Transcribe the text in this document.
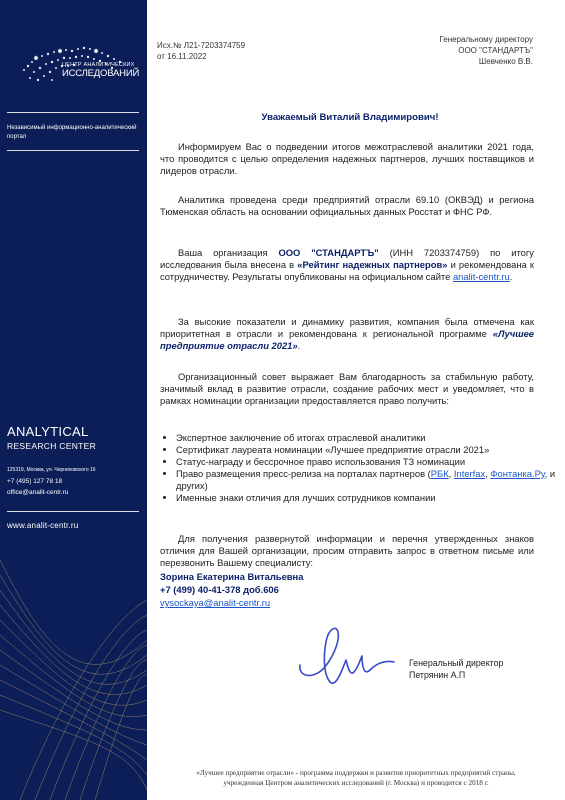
ЦЕНТР АНАЛИТИЧЕСКИХ
ИССЛЕДОВАНИЙ
Независимый информационно-аналитический портал
ANALYTICAL
RESEARCH CENTER
125319, Москва, ул. Черняховского 16
+7 (495) 127 78 18
office@analit-centr.ru
www.analit-centr.ru
Исх.№ Л21-7203374759
от 16.11.2022
Генеральному директору
ООО "СТАНДАРТЪ"
Шевченко В.В.
Уважаемый Виталий Владимирович!
Информируем Вас о подведении итогов межотраслевой аналитики 2021 года, что проводится с целью определения надежных партнеров, лучших поставщиков и лидеров отрасли.
Аналитика проведена среди предприятий отрасли 69.10 (ОКВЭД) и региона Тюменская область на основании официальных данных Росстат и ФНС РФ.
Ваша организация ООО "СТАНДАРТЪ" (ИНН 7203374759) по итогу исследования была внесена в «Рейтинг надежных партнеров» и рекомендована к сотрудничеству. Результаты опубликованы на официальном сайте analit-centr.ru.
За высокие показатели и динамику развития, компания была отмечена как приоритетная в отрасли и рекомендована к региональной программе «Лучшее предприятие отрасли 2021».
Организационный совет выражает Вам благодарность за стабильную работу, значимый вклад в развитие отрасли, создание рабочих мест и уведомляет, что в рамках номинации организации предоставляется право получить:
• Экспертное заключение об итогах отраслевой аналитики
• Сертификат лауреата номинации «Лучшее предприятие отрасли 2021»
• Статус-награду и бессрочное право использования ТЗ номинации
• Право размещения пресс-релиза на порталах партнеров (РБК, Interfax, Фонтанка.Ру, и других)
• Именные знаки отличия для лучших сотрудников компании
Для получения развернутой информации и перечня утвержденных знаков отличия для Вашей организации, просим отправить запрос в ответном письме или перезвонить Вашему специалисту:
Зорина Екатерина Витальевна
+7 (499) 40-41-378 доб.606
vysockaya@analit-centr.ru
Генеральный директор
Петрянин А.П
«Лучшее предприятие отрасли» - программа поддержки и развития приоритетных предприятий страны,
учрежденная Центром аналитических исследований (г. Москва) и проводится с 2018 г.
